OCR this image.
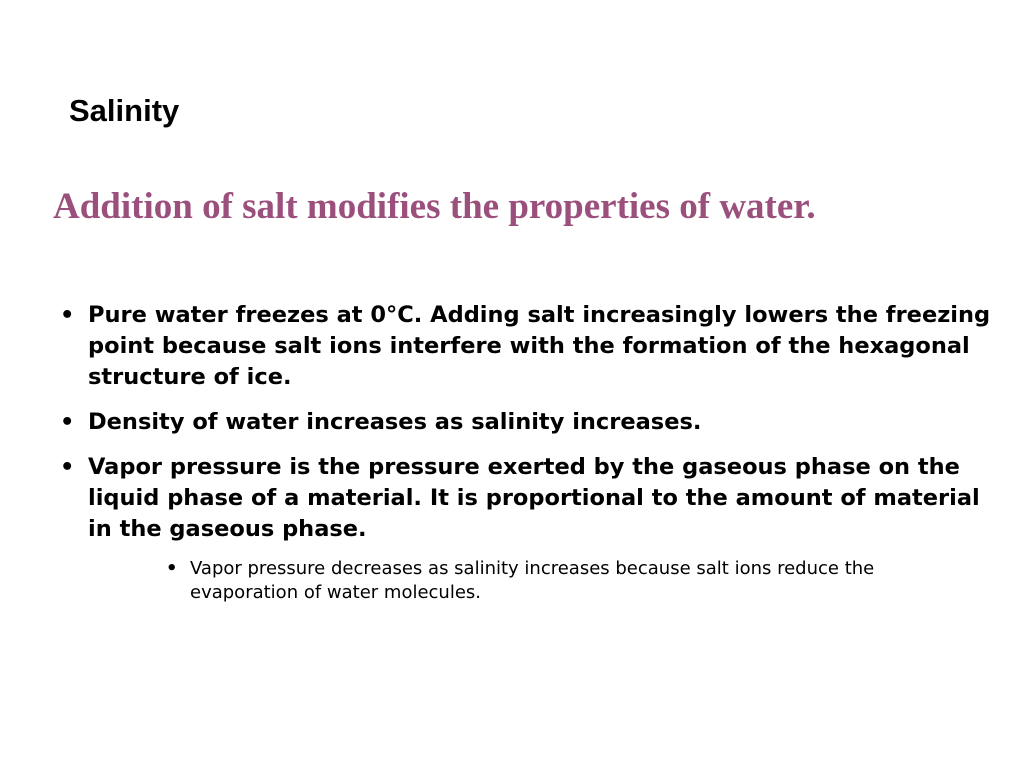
Salinity
Addition of salt modifies the properties of water.
• Pure water freezes at 0°C. Adding salt increasingly lowers the freezing point because salt ions interfere with the formation of the hexagonal structure of ice.
• Density of water increases as salinity increases.
• Vapor pressure is the pressure exerted by the gaseous phase on the liquid phase of a material. It is proportional to the amount of material in the gaseous phase.
• Vapor pressure decreases as salinity increases because salt ions reduce the evaporation of water molecules.
